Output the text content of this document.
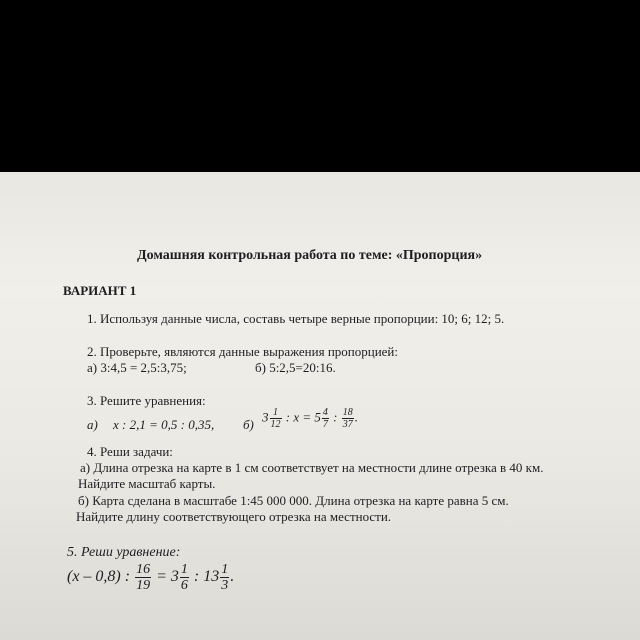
Домашняя контрольная работа по теме: «Пропорция»
ВАРИАНТ 1
1. Используя данные числа, составь четыре верные пропорции: 10; 6; 12; 5.
2. Проверьте, являются данные выражения пропорцией:
а) 3:4,5 = 2,5:3,75;	б) 5:2,5=20:16.
3. Решите уравнения:
а) x : 2,1 = 0,5 : 0,35, б)
$3 \frac{1}{12}$ : $x = 5 \frac{4}{7}$ : $\frac{18}{37}$ .
4. Реши задачи:
а) Длина отрезка на карте в 1 см соответствует на местности длине отрезка в 40 км.
Найдите масштаб карты.
б) Карта сделана в масштабе 1:45 000 000. Длина отрезка на карте равна 5 см.
Найдите длину соответствующего отрезка на местности.
5. Реши уравнение:
(x – 0,8) : $\frac{16}{19} = 3 \frac{1}{6}$ : $13 \frac{1}{3}$ .
